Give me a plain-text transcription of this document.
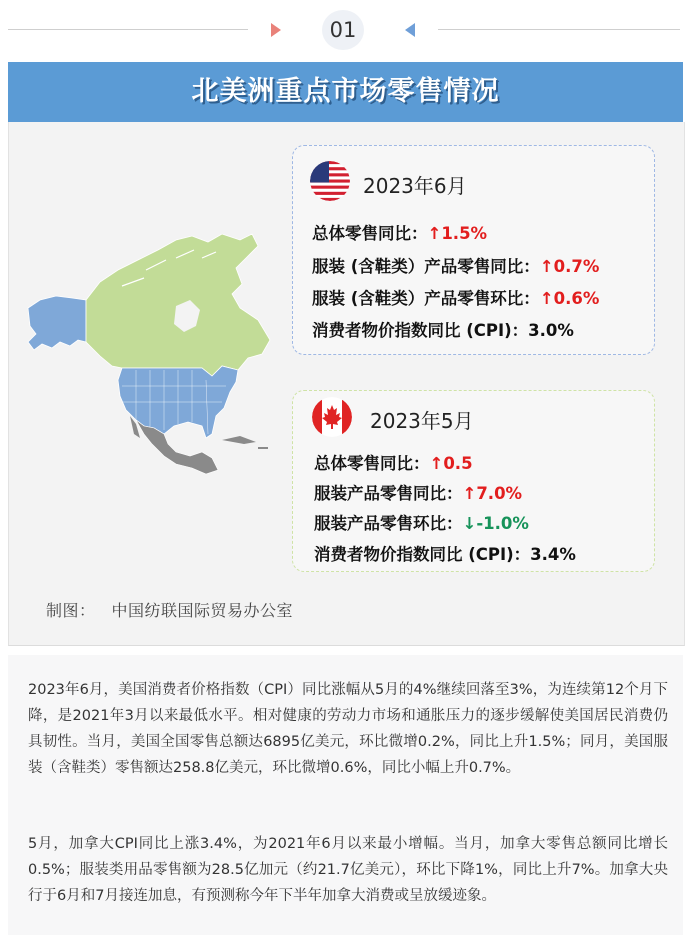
01
北美洲重点市场零售情况
2023年6月
总体零售同比：↑1.5%
服装 (含鞋类）产品零售同比：↑0.7%
服装 (含鞋类）产品零售环比：↑0.6%
消费者物价指数同比 (CPI)：3.0%
2023年5月
总体零售同比：↑0.5
服装产品零售同比：↑7.0%
服装产品零售环比：↓-1.0%
消费者物价指数同比 (CPI)：3.4%
制图： 中国纺联国际贸易办公室
2023年6月，美国消费者价格指数（CPI）同比涨幅从5月的4%继续回落至3%，为连续第12个月下降，是2021年3月以来最低水平。相对健康的劳动力市场和通胀压力的逐步缓解使美国居民消费仍具韧性。当月，美国全国零售总额达6895亿美元，环比微增0.2%，同比上升1.5%；同月，美国服装（含鞋类）零售额达258.8亿美元，环比微增0.6%，同比小幅上升0.7%。
5月，加拿大CPI同比上涨3.4%，为2021年6月以来最小增幅。当月，加拿大零售总额同比增长0.5%；服装类用品零售额为28.5亿加元（约21.7亿美元），环比下降1%，同比上升7%。加拿大央行于6月和7月接连加息，有预测称今年下半年加拿大消费或呈放缓迹象。
